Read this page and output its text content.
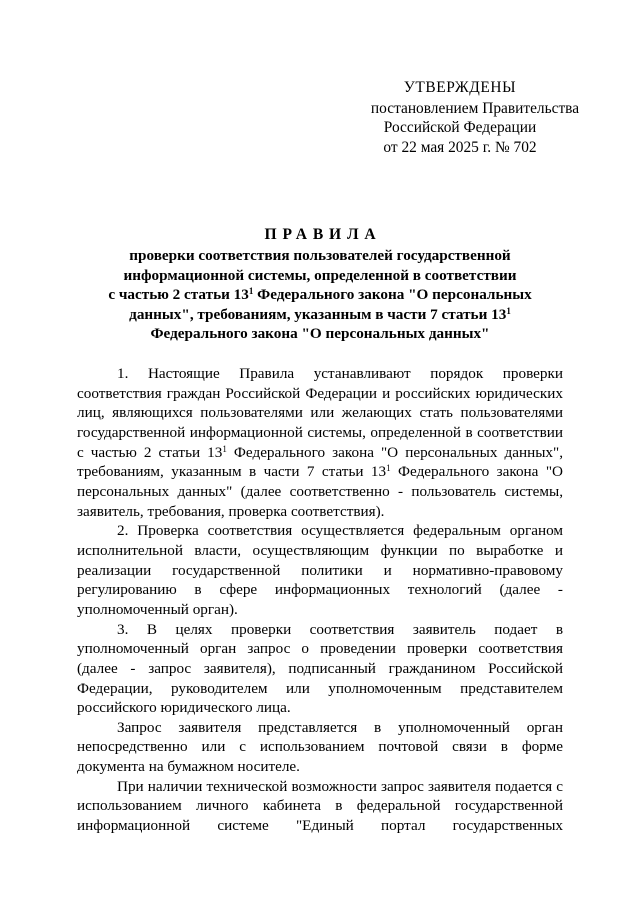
УТВЕРЖДЕНЫ
постановлением Правительства
Российской Федерации
от 22 мая 2025 г. № 702
ПРАВИЛА
проверки соответствия пользователей государственной
информационной системы, определенной в соответствии
с частью 2 статьи $13^1$ Федерального закона "О персональных
данных", требованиям, указанным в части 7 статьи $13^1$
Федерального закона "О персональных данных"

1. Настоящие Правила устанавливают порядок проверки соответствия граждан Российской Федерации и российских юридических лиц, являющихся пользователями или желающих стать пользователями государственной информационной системы, определенной в соответствии с частью 2 статьи $13^1$ Федерального закона "О персональных данных", требованиям, указанным в части 7 статьи $13^1$ Федерального закона "О персональных данных" (далее соответственно - пользователь системы, заявитель, требования, проверка соответствия).

2. Проверка соответствия осуществляется федеральным органом исполнительной власти, осуществляющим функции по выработке и реализации государственной политики и нормативно-правовому регулированию в сфере информационных технологий (далее - уполномоченный орган).

3. В целях проверки соответствия заявитель подает в уполномоченный орган запрос о проведении проверки соответствия (далее - запрос заявителя), подписанный гражданином Российской Федерации, руководителем или уполномоченным представителем российского юридического лица.

Запрос заявителя представляется в уполномоченный орган непосредственно или с использованием почтовой связи в форме документа на бумажном носителе.

При наличии технической возможности запрос заявителя подается с использованием личного кабинета в федеральной государственной информационной системе "Единый портал государственных
